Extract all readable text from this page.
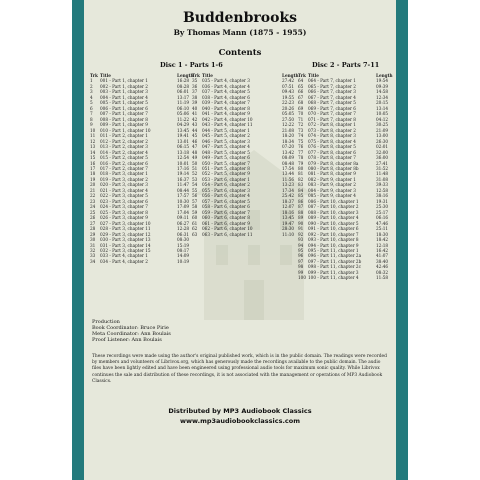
Buddenbrooks
By Thomas Mann (1875 - 1955)
Contents
Disc 1 - Parts 1-6	Disc 2 - Parts 7-11
Trk Title	Length
1 001 - Part 1, chapter 1	16:28
2 002 - Part 1, chapter 2	08:28
3 003 - Part 1, chapter 3	06:01
4 004 - Part 1, chapter 4	13:17
5 005 - Part 1, chapter 5	11:19
6 006 - Part 1, chapter 6	06:10
7 007 - Part 1, chapter 7	05:06
8 008 - Part 1, chapter 8	11:22
9 009 - Part 1, chapter 9	04:29
10 010 - Part 1, chapter 10	13:45
11 011 - Part 2, chapter 1	19:41
12 012 - Part 2, chapter 2	13:01
13 013 - Part 2, chapter 3	06:15
14 014 - Part 2, chapter 4	13:18
15 015 - Part 2, chapter 5	12:54
16 016 - Part 2, chapter 6	10:01
17 017 - Part 2, chapter 7	17:16
18 018 - Part 3, chapter 1	19:14
19 019 - Part 3, chapter 2	16:37
20 020 - Part 3, chapter 3	11:47
21 021 - Part 3, chapter 4	08:44
22 022 - Part 3, chapter 5	17:57
23 023 - Part 3, chapter 6	10:30
24 024 - Part 3, chapter 7	17:09
25 025 - Part 3, chapter 8	17:04
26 026 - Part 3, chapter 9	09:11
27 027 - Part 3, chapter 10	06:27
28 028 - Part 3, chapter 11	12:28
29 029 - Part 3, chapter 12	06:31
30 030 - Part 3, chapter 13	08:30
31 031 - Part 3, chapter 14	15:19
32 032 - Part 3, chapter 15	08:17
33 033 - Part 4, chapter 1	14:09
34 034 - Part 4, chapter 2	10:19
Trk Title	Length
35 035 - Part 4, chapter 3	27:42
36 036 - Part 4, chapter 4	07:51
37 037 - Part 4, chapter 5	09:43
38 038 - Part 4, chapter 6	19:55
39 039 - Part 4, chapter 7	22:23
40 040 - Part 4, chapter 8	20:26
41 041 - Part 4, chapter 9	05:05
42 042 - Part 4, chapter 10	27:50
43 043 - Part 4, chapter 11	12:22
44 044 - Part 5, chapter 1	21:08
45 045 - Part 5, chapter 2	18:20
46 046 - Part 5, chapter 3	18:34
47 047 - Part 5, chapter 4	07:20
48 048 - Part 5, chapter 5	13:42
49 049 - Part 5, chapter 6	08:09
50 050 - Part 5, chapter 7	08:48
51 051 - Part 5, chapter 8	17:54
52 052 - Part 5, chapter 9	13:44
53 053 - Part 6, chapter 1	11:56
54 054 - Part 6, chapter 2	13:23
55 055 - Part 6, chapter 3	17:34
56 056 - Part 6, chapter 4	25:42
57 057 - Part 6, chapter 5	18:37
58 058 - Part 6, chapter 6	12:07
59 059 - Part 6, chapter 7	18:16
60 060 - Part 6, chapter 8	13:45
61 061 - Part 6, chapter 9	19:47
62 062 - Part 6, chapter 10	28:30
63 063 - Part 6, chapter 11	11:10
Trk Title	Length
64 064 - Part 7, chapter 1	19:54
65 065 - Part 7, chapter 2	09:39
66 066 - Part 7, chapter 3	14:58
67 067 - Part 7, chapter 4	12:34
68 068 - Part 7, chapter 5	20:15
69 069 - Part 7, chapter 6	13:14
70 070 - Part 7, chapter 7	10:05
71 071 - Part 7, chapter 8	04:12
72 072 - Part 8, chapter 1	30:25
73 073 - Part 8, chapter 2	21:09
74 074 - Part 8, chapter 3	13:00
75 075 - Part 8, chapter 4	26:30
76 076 - Part 8, chapter 5	02:01
77 077 - Part 8, chapter 6	32:00
78 078 - Part 8, chapter 7	36:00
79 079 - Part 8, chapter 8a	27:41
80 080 - Part 8, chapter 8b	31:52
81 081 - Part 8, chapter 9	11:48
82 082 - Part 9, chapter 1	31:08
83 083 - Part 9, chapter 2	39:33
84 084 - Part 9, chapter 3	12:58
85 085 - Part 9, chapter 4	38:16
86 086 - Part 10, chapter 1	19:31
87 087 - Part 10, chapter 2	25:30
88 088 - Part 10, chapter 3	25:17
89 089 - Part 10, chapter 4	06:16
90 090 - Part 10, chapter 5	47:46
91 091 - Part 10, chapter 6	25:11
92 092 - Part 10, chapter 7	18:30
93 093 - Part 10, chapter 8	18:42
94 094 - Part 10, chapter 9	12:18
95 095 - Part 11, chapter 1	16:42
96 096 - Part 11, chapter 2a	41:07
97 097 - Part 11, chapter 2b	38:40
98 098 - Part 11, chapter 2c	42:46
99 099 - Part 11, chapter 3	08:32
100 100 - Part 11, chapter 4	11:58
Production
Book Coordinator: Bruce Pirie
Meta Coordinator: Ann Boulais
Proof Listener: Ann Boulais
These recordings were made using the author's original published work, which is in the public domain. The readings were recorded by members and volunteers of Librivox.org, which has generously made the recordings available to the public domain. The audio files have been lightly edited and have been engineered using professional audio tools for maximum sonic quality. While Librivox continues the sale and distribution of these recordings, it is not associated with the management or operations of MP3 Audiobook Classics.
Distributed by MP3 Audiobook Classics
www.mp3audiobookclassics.com
